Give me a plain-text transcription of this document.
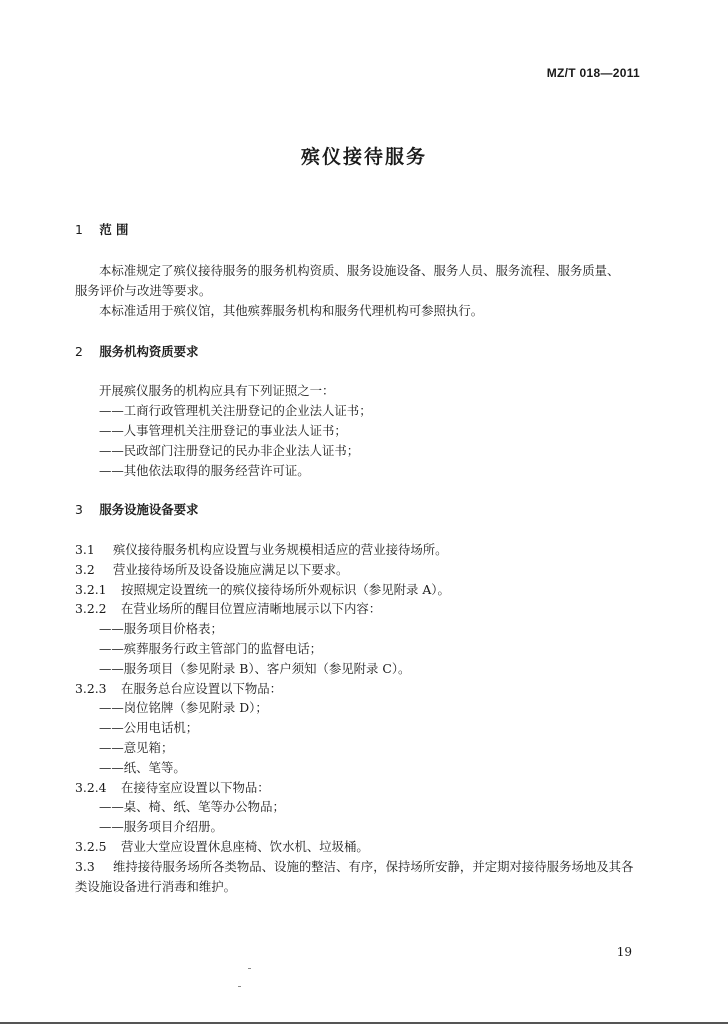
MZ/T 018—2011
殡仪接待服务
1 范 围
本标准规定了殡仪接待服务的服务机构资质、服务设施设备、服务人员、服务流程、服务质量、
服务评价与改进等要求。
本标准适用于殡仪馆，其他殡葬服务机构和服务代理机构可参照执行。
2 服务机构资质要求
开展殡仪服务的机构应具有下列证照之一：
——工商行政管理机关注册登记的企业法人证书；
——人事管理机关注册登记的事业法人证书；
——民政部门注册登记的民办非企业法人证书；
——其他依法取得的服务经营许可证。
3 服务设施设备要求
3.1 殡仪接待服务机构应设置与业务规模相适应的营业接待场所。
3.2 营业接待场所及设备设施应满足以下要求。
3.2.1 按照规定设置统一的殡仪接待场所外观标识（参见附录 A）。
3.2.2 在营业场所的醒目位置应清晰地展示以下内容：
——服务项目价格表；
——殡葬服务行政主管部门的监督电话；
——服务项目（参见附录 B）、客户须知（参见附录 C）。
3.2.3 在服务总台应设置以下物品：
——岗位铭牌（参见附录 D）；
——公用电话机；
——意见箱；
——纸、笔等。
3.2.4 在接待室应设置以下物品：
——桌、椅、纸、笔等办公物品；
——服务项目介绍册。
3.2.5 营业大堂应设置休息座椅、饮水机、垃圾桶。
3.3 维持接待服务场所各类物品、设施的整洁、有序，保持场所安静，并定期对接待服务场地及其各
类设施设备进行消毒和维护。
19
